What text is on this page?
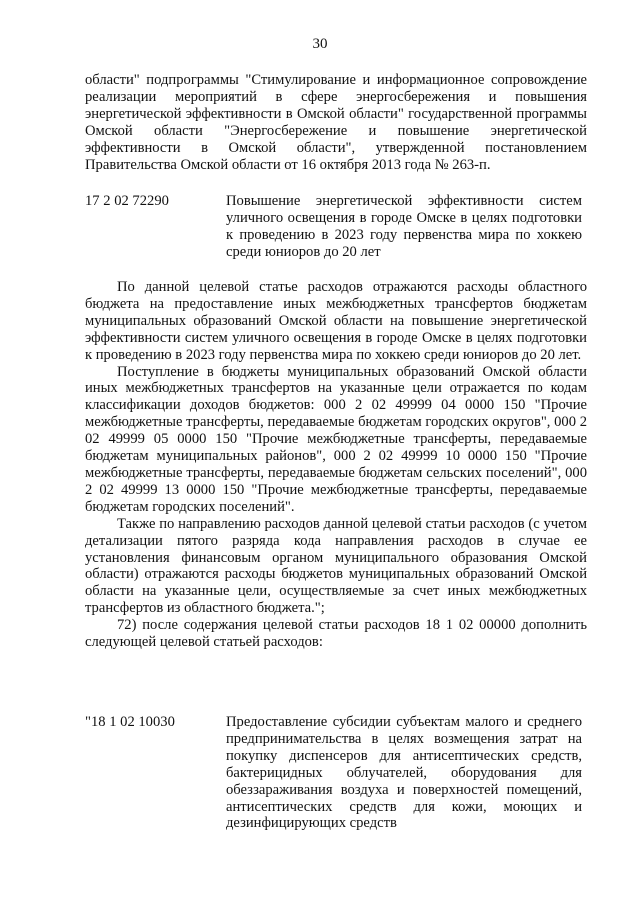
30

области" подпрограммы "Стимулирование и информационное сопровождение реализации мероприятий в сфере энергосбережения и повышения энергетической эффективности в Омской области" государственной программы Омской области "Энергосбережение и повышение энергетической эффективности в Омской области", утвержденной постановлением Правительства Омской области от 16 октября 2013 года № 263-п.

17 2 02 72290	Повышение энергетической эффективности систем уличного освещения в городе Омске в целях подготовки к проведению в 2023 году первенства мира по хоккею среди юниоров до 20 лет

По данной целевой статье расходов отражаются расходы областного бюджета на предоставление иных межбюджетных трансфертов бюджетам муниципальных образований Омской области на повышение энергетической эффективности систем уличного освещения в городе Омске в целях подготовки к проведению в 2023 году первенства мира по хоккею среди юниоров до 20 лет.

Поступление в бюджеты муниципальных образований Омской области иных межбюджетных трансфертов на указанные цели отражается по кодам классификации доходов бюджетов: 000 2 02 49999 04 0000 150 "Прочие межбюджетные трансферты, передаваемые бюджетам городских округов", 000 2 02 49999 05 0000 150 "Прочие межбюджетные трансферты, передаваемые бюджетам муниципальных районов", 000 2 02 49999 10 0000 150 "Прочие межбюджетные трансферты, передаваемые бюджетам сельских поселений", 000 2 02 49999 13 0000 150 "Прочие межбюджетные трансферты, передаваемые бюджетам городских поселений".

Также по направлению расходов данной целевой статьи расходов (с учетом детализации пятого разряда кода направления расходов в случае ее установления финансовым органом муниципального образования Омской области) отражаются расходы бюджетов муниципальных образований Омской области на указанные цели, осуществляемые за счет иных межбюджетных трансфертов из областного бюджета.";

72) после содержания целевой статьи расходов 18 1 02 00000 дополнить следующей целевой статьей расходов:

"18 1 02 10030	Предоставление субсидии субъектам малого и среднего предпринимательства в целях возмещения затрат на покупку диспенсеров для антисептических средств, бактерицидных облучателей, оборудования для обеззараживания воздуха и поверхностей помещений, антисептических средств для кожи, моющих и дезинфицирующих средств
